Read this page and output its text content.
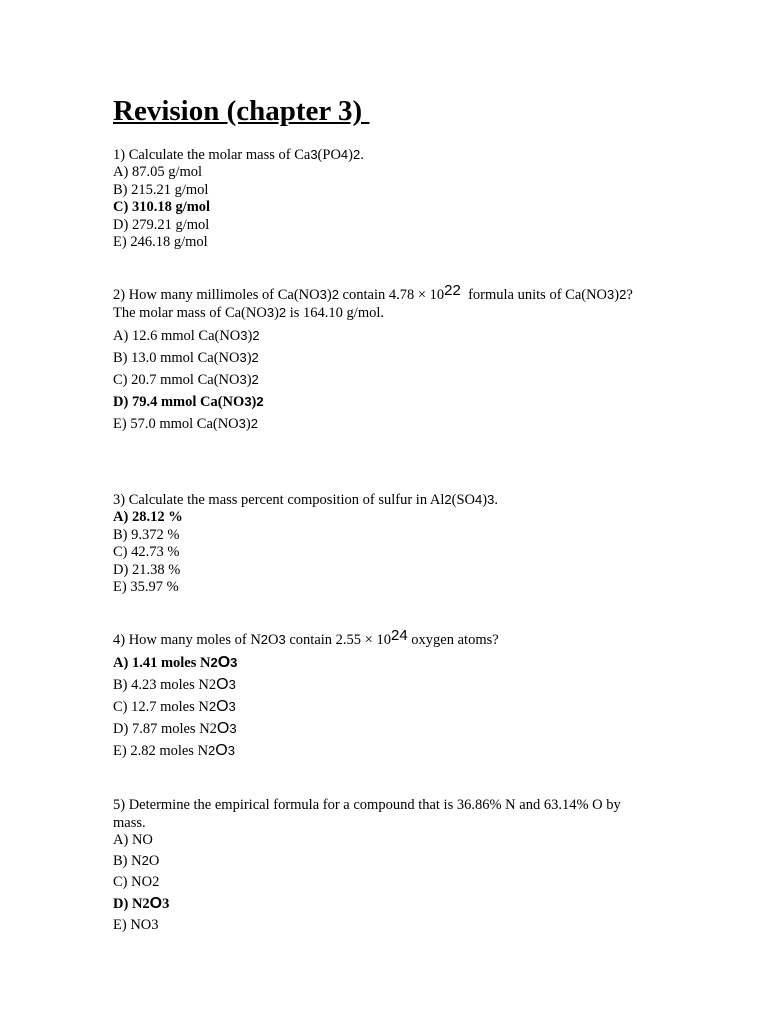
Revision (chapter 3)

1) Calculate the molar mass of Ca3(PO4)2.

A) 87.05 g/mol
B) 215.21 g/mol
C) 310.18 g/mol
D) 279.21 g/mol
E) 246.18 g/mol

2) How many millimoles of Ca(NO3)2 contain 4.78 × 1022  formula units of Ca(NO3)2?

The molar mass of Ca(NO3)2 is 164.10 g/mol.

A) 12.6 mmol Ca(NO3)2
B) 13.0 mmol Ca(NO3)2
C) 20.7 mmol Ca(NO3)2
D) 79.4 mmol Ca(NO3)2
E) 57.0 mmol Ca(NO3)2

3) Calculate the mass percent composition of sulfur in Al2(SO4)3.

A) 28.12 %
B) 9.372 %
C) 42.73 %
D) 21.38 %
E) 35.97 %

4) How many moles of N2O3 contain 2.55 × 1024 oxygen atoms?

A) 1.41 moles N2O3
B) 4.23 moles N2O3
C) 12.7 moles N2O3
D) 7.87 moles N2O3
E) 2.82 moles N2O3

5) Determine the empirical formula for a compound that is 36.86% N and 63.14% O by mass.

A) NO
B) N2O
C) NO2
D) N2O3
E) NO3
